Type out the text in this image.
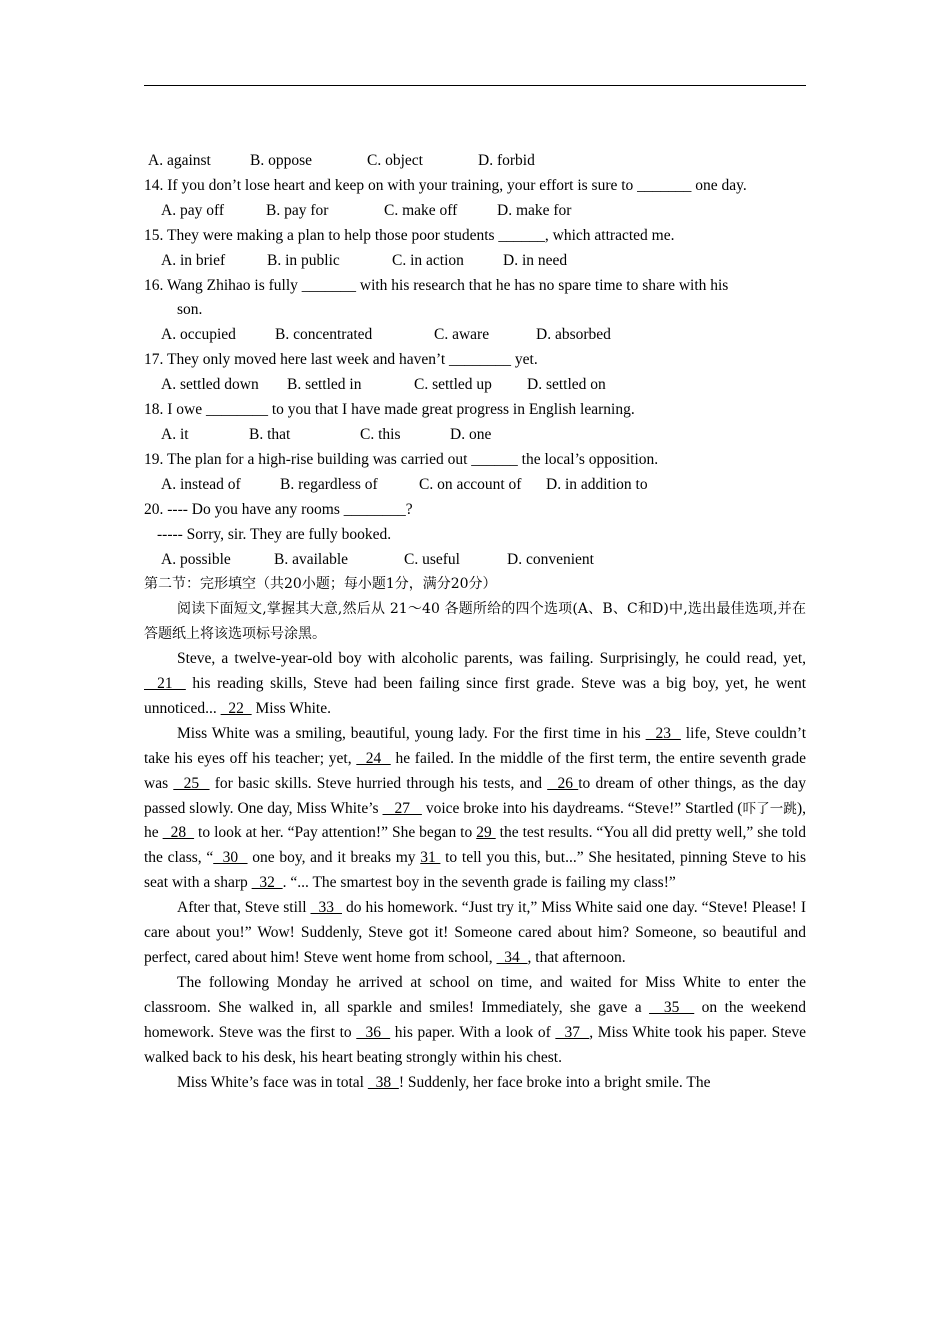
A. against	B. oppose	C. object	D. forbid
14. If you don’t lose heart and keep on with your training, your effort is sure to _______ one day.
A. pay off	B. pay for	C. make off	D. make for
15. They were making a plan to help those poor students ______, which attracted me.
A. in brief	B. in public	C. in action	D. in need
16. Wang Zhihao is fully _______ with his research that he has no spare time to share with his
son.
A. occupied	B. concentrated	C. aware	D. absorbed
17. They only moved here last week and haven’t ________ yet.
A. settled down B. settled in	C. settled up D. settled on
18. I owe ________ to you that I have made great progress in English learning.
A. it	B. that	C. this	D. one
19. The plan for a high-rise building was carried out ______ the local’s opposition.
A. instead of	B. regardless of	C. on account of D. in addition to
20. ---- Do you have any rooms ________?
----- Sorry, sir. They are fully booked.
A. possible	B. available	C. useful	D. convenient
第二节：完形填空（共20小题；每小题1分，满分20分）
阅读下面短文,掌握其大意,然后从 21～40 各题所给的四个选项(A、B、C和D)中,选出最佳选项,并在答题纸上将该选项标号涂黑。
Steve, a twelve-year-old boy with alcoholic parents, was failing. Surprisingly, he could read, yet,   21   his reading skills, Steve had been failing since first grade. Steve was a big boy, yet, he went unnoticed...   22   Miss White.
Miss White was a smiling, beautiful, young lady. For the first time in his   23   life, Steve couldn’t take his eyes off his teacher; yet,   24   he failed. In the middle of the first term, the entire seventh grade was   25   for basic skills. Steve hurried through his tests, and   26 to dream of other things, as the day passed slowly. One day, Miss White’s    27    voice broke into his daydreams. “Steve!” Startled (吓了一跳), he   28   to look at her. “Pay attention!” She began to 29  the test results. “You all did pretty well,” she told the class, “  30   one boy, and it breaks my 31  to tell you this, but...” She hesitated, pinning Steve to his seat with a sharp   32  . “... The smartest boy in the seventh grade is failing my class!”
After that, Steve still   33   do his homework. “Just try it,” Miss White said one day. “Steve! Please! I care about you!” Wow! Suddenly, Steve got it! Someone cared about him? Someone, so beautiful and perfect, cared about him! Steve went home from school,   34  , that afternoon.
The following Monday he arrived at school on time, and waited for Miss White to enter the classroom. She walked in, all sparkle and smiles! Immediately, she gave a   35   on the weekend homework. Steve was the first to   36   his paper. With a look of   37  , Miss White took his paper. Steve walked back to his desk, his heart beating strongly within his chest.
Miss White’s face was in total   38  ! Suddenly, her face broke into a bright smile. The
